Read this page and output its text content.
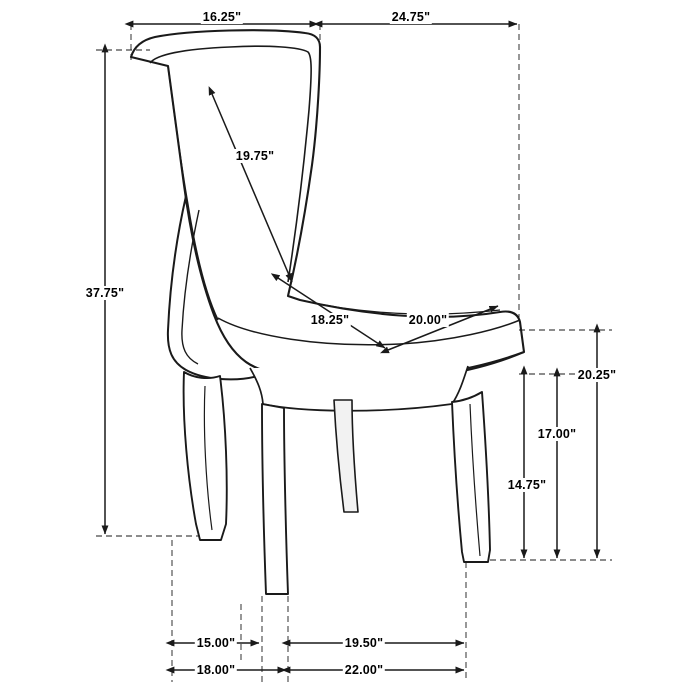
16.25"	24.75"
19.75"
37.75"
18.25"	20.00"
20.25"
17.00"
14.75"
15.00"
18.00"
19.50"
22.00"
